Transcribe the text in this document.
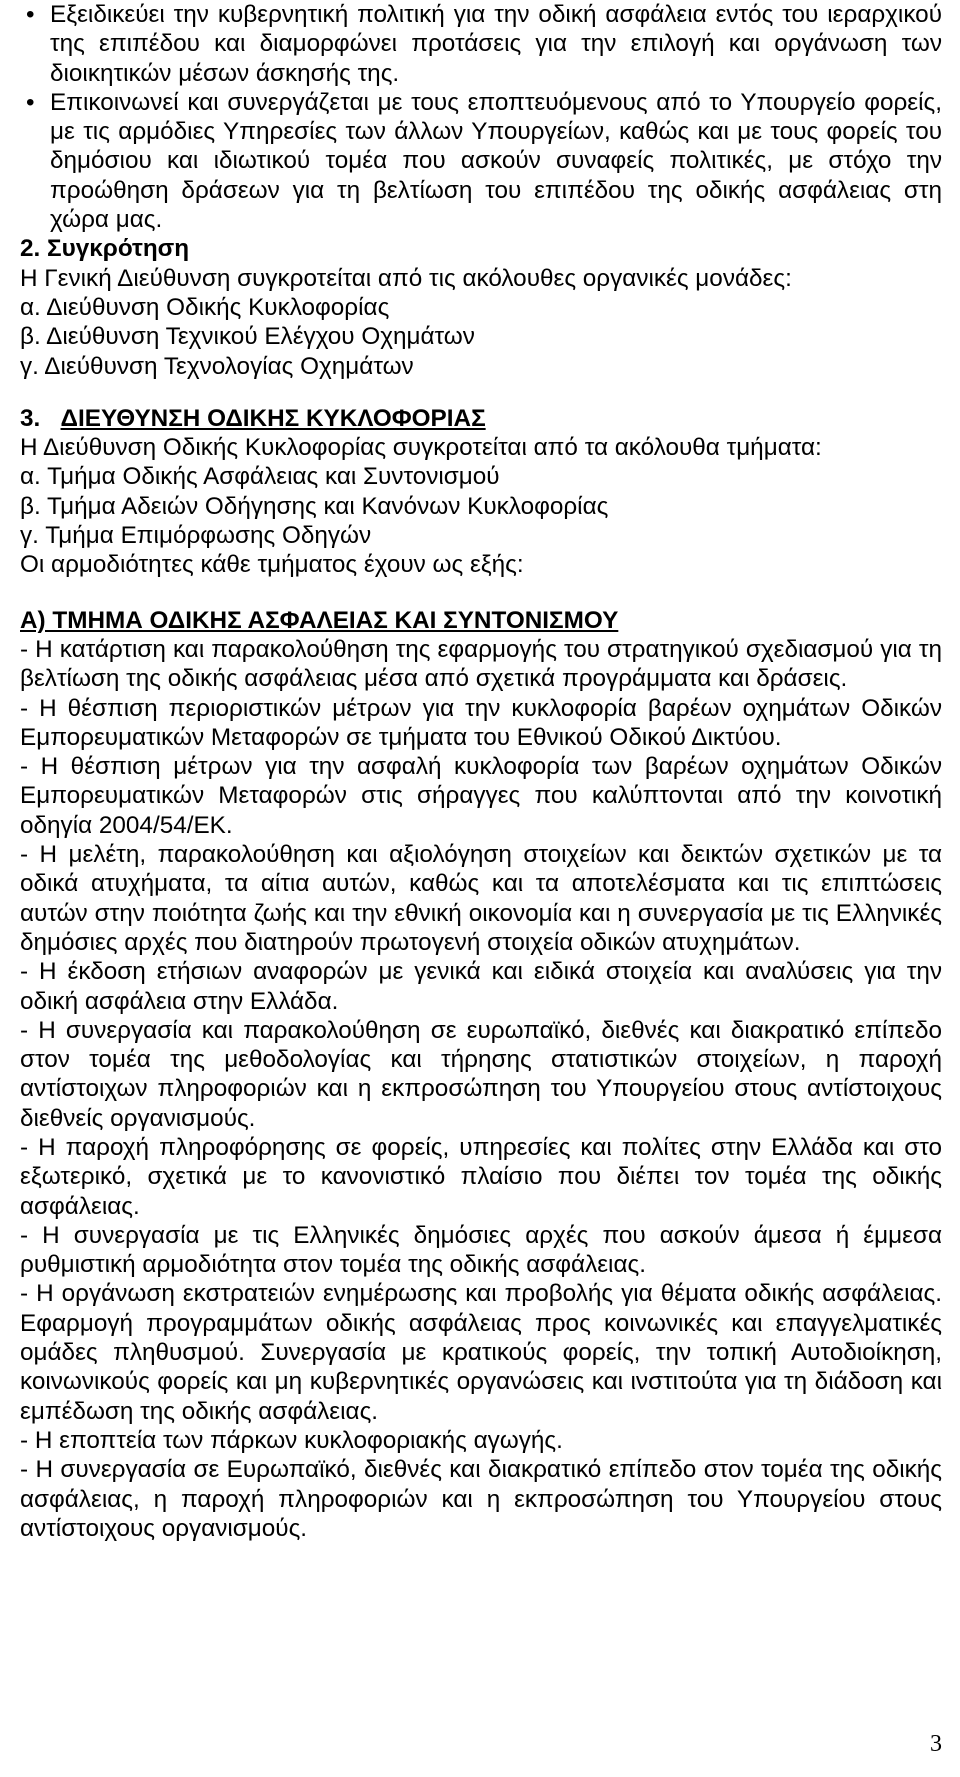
• Εξειδικεύει την κυβερνητική πολιτική για την οδική ασφάλεια εντός του ιεραρχικού της επιπέδου και διαμορφώνει προτάσεις για την επιλογή και οργάνωση των διοικητικών μέσων άσκησής της.

• Επικοινωνεί και συνεργάζεται με τους εποπτευόμενους από το Υπουργείο φορείς, με τις αρμόδιες Υπηρεσίες των άλλων Υπουργείων, καθώς και με τους φορείς του δημόσιου και ιδιωτικού τομέα που ασκούν συναφείς πολιτικές, με στόχο την προώθηση δράσεων για τη βελτίωση του επιπέδου της οδικής ασφάλειας στη χώρα μας.

2. Συγκρότηση

Η Γενική Διεύθυνση συγκροτείται από τις ακόλουθες οργανικές μονάδες:

α. Διεύθυνση Οδικής Κυκλοφορίας

β. Διεύθυνση Τεχνικού Ελέγχου Οχημάτων

γ. Διεύθυνση Τεχνολογίας Οχημάτων

3. ΔΙΕΥΘΥΝΣΗ ΟΔΙΚΗΣ ΚΥΚΛΟΦΟΡΙΑΣ

Η Διεύθυνση Οδικής Κυκλοφορίας συγκροτείται από τα ακόλουθα τμήματα:

α. Τμήμα Οδικής Ασφάλειας και Συντονισμού

β. Τμήμα Αδειών Οδήγησης και Κανόνων Κυκλοφορίας

γ. Τμήμα Επιμόρφωσης Οδηγών

Οι αρμοδιότητες κάθε τμήματος έχουν ως εξής:

Α) ΤΜΗΜΑ ΟΔΙΚΗΣ ΑΣΦΑΛΕΙΑΣ ΚΑΙ ΣΥΝΤΟΝΙΣΜΟΥ

- Η κατάρτιση και παρακολούθηση της εφαρμογής του στρατηγικού σχεδιασμού για τη βελτίωση της οδικής ασφάλειας μέσα από σχετικά προγράμματα και δράσεις.

- Η θέσπιση περιοριστικών μέτρων για την κυκλοφορία βαρέων οχημάτων Οδικών Εμπορευματικών Μεταφορών σε τμήματα του Εθνικού Οδικού Δικτύου.

- Η θέσπιση μέτρων για την ασφαλή κυκλοφορία των βαρέων οχημάτων Οδικών Εμπορευματικών Μεταφορών στις σήραγγες που καλύπτονται από την κοινοτική οδηγία 2004/54/ΕΚ.

- Η μελέτη, παρακολούθηση και αξιολόγηση στοιχείων και δεικτών σχετικών με τα οδικά ατυχήματα, τα αίτια αυτών, καθώς και τα αποτελέσματα και τις επιπτώσεις αυτών στην ποιότητα ζωής και την εθνική οικονομία και η συνεργασία με τις Ελληνικές δημόσιες αρχές που διατηρούν πρωτογενή στοιχεία οδικών ατυχημάτων.

- Η έκδοση ετήσιων αναφορών με γενικά και ειδικά στοιχεία και αναλύσεις για την οδική ασφάλεια στην Ελλάδα.

- Η συνεργασία και παρακολούθηση σε ευρωπαϊκό, διεθνές και διακρατικό επίπεδο στον τομέα της μεθοδολογίας και τήρησης στατιστικών στοιχείων, η παροχή αντίστοιχων πληροφοριών και η εκπροσώπηση του Υπουργείου στους αντίστοιχους διεθνείς οργανισμούς.

- Η παροχή πληροφόρησης σε φορείς, υπηρεσίες και πολίτες στην Ελλάδα και στο εξωτερικό, σχετικά με το κανονιστικό πλαίσιο που διέπει τον τομέα της οδικής ασφάλειας.

- Η συνεργασία με τις Ελληνικές δημόσιες αρχές που ασκούν άμεσα ή έμμεσα ρυθμιστική αρμοδιότητα στον τομέα της οδικής ασφάλειας.

- Η οργάνωση εκστρατειών ενημέρωσης και προβολής για θέματα οδικής ασφάλειας. Εφαρμογή προγραμμάτων οδικής ασφάλειας προς κοινωνικές και επαγγελματικές ομάδες πληθυσμού. Συνεργασία με κρατικούς φορείς, την τοπική Αυτοδιοίκηση, κοινωνικούς φορείς και μη κυβερνητικές οργανώσεις και ινστιτούτα για τη διάδοση και εμπέδωση της οδικής ασφάλειας.

- Η εποπτεία των πάρκων κυκλοφοριακής αγωγής.

- Η συνεργασία σε Ευρωπαϊκό, διεθνές και διακρατικό επίπεδο στον τομέα της οδικής ασφάλειας, η παροχή πληροφοριών και η εκπροσώπηση του Υπουργείου στους αντίστοιχους οργανισμούς.

3
